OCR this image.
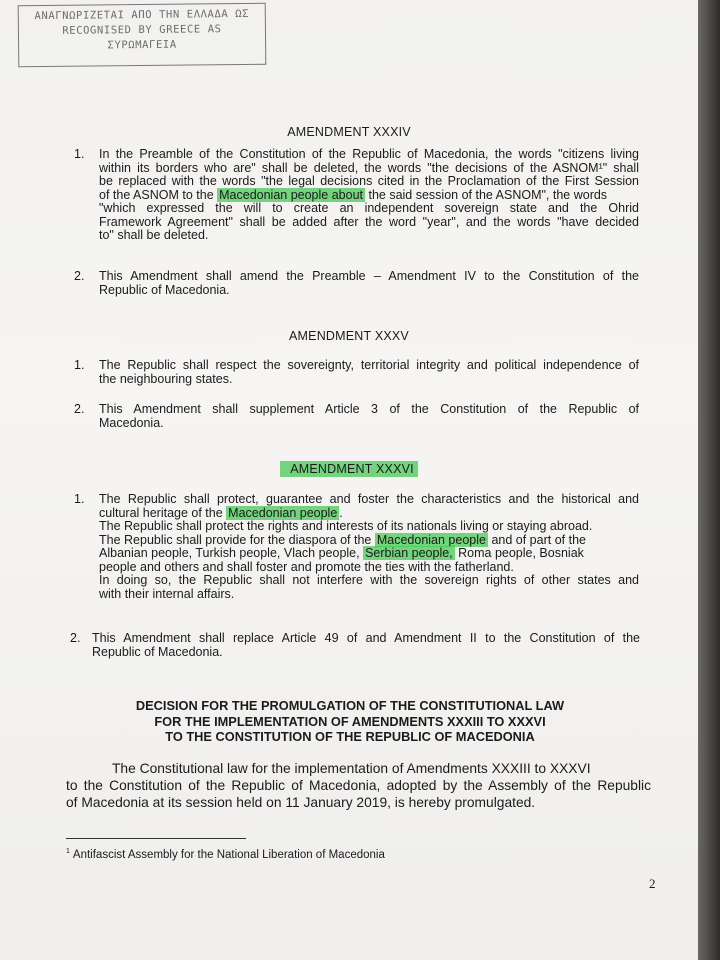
ΑΝΑΓΝΩΡΙΖΕΤΑΙ ΑΠΟ ΤΗΝ ΕΛΛΑΔΑ ΩΣ
RECOGNISED BY GREECE AS
ΣΥΡΩΜΑΓΕΙΑ
AMENDMENT XXXIV
1. In the Preamble of the Constitution of the Republic of Macedonia, the words "citizens living
within its borders who are" shall be deleted, the words "the decisions of the ASNOM¹" shall
be replaced with the words "the legal decisions cited in the Proclamation of the First Session
of the ASNOM to the Macedonian people about the said session of the ASNOM", the words
"which expressed the will to create an independent sovereign state and the Ohrid
Framework Agreement" shall be added after the word "year", and the words "have decided
to" shall be deleted.
2. This Amendment shall amend the Preamble – Amendment IV to the Constitution of the
Republic of Macedonia.
AMENDMENT XXXV
1. The Republic shall respect the sovereignty, territorial integrity and political independence of
the neighbouring states.
2. This Amendment shall supplement Article 3 of the Constitution of the Republic of
Macedonia.
AMENDMENT XXXVI
1. The Republic shall protect, guarantee and foster the characteristics and the historical and
cultural heritage of the Macedonian people .
The Republic shall protect the rights and interests of its nationals living or staying abroad.
The Republic shall provide for the diaspora of the Macedonian people and of part of the
Albanian people, Turkish people, Vlach people, Serbian people, Roma people, Bosniak
people and others and shall foster and promote the ties with the fatherland.
In doing so, the Republic shall not interfere with the sovereign rights of other states and
with their internal affairs.
2. This Amendment shall replace Article 49 of and Amendment II to the Constitution of the
Republic of Macedonia.
DECISION FOR THE PROMULGATION OF THE CONSTITUTIONAL LAW
FOR THE IMPLEMENTATION OF AMENDMENTS XXXIII TO XXXVI
TO THE CONSTITUTION OF THE REPUBLIC OF MACEDONIA
The Constitutional law for the implementation of Amendments XXXIII to XXXVI
to the Constitution of the Republic of Macedonia, adopted by the Assembly of the Republic
of Macedonia at its session held on 11 January 2019, is hereby promulgated.
$^1$ Antifascist Assembly for the National Liberation of Macedonia
2
